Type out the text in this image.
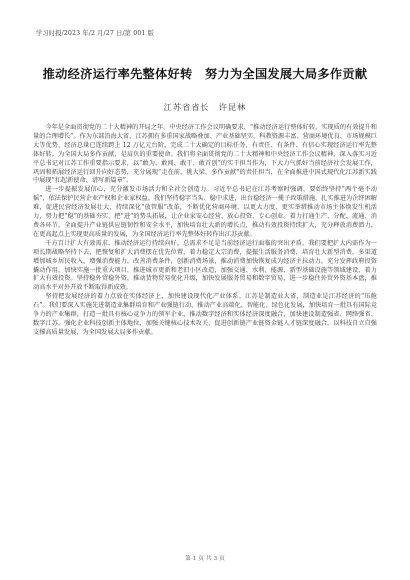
学习时报/2023 年/2 月/27 日/第 001 版
推动经济运行率先整体好转　努力为全国发展大局多作贡献
江苏省省长　许昆林

今年是全面贯彻党的二十大精神的开局之年。中央经济工作会议明确要求，“推动经济运行整体好转，实现质的有效提升和量的合理增长”。作为东部沿海大省，江苏拥有多重国家战略叠加、产业基础坚实、科教资源丰富、营商环境优良、市场规模巨大等优势，经济总量已连续跨上 12 万亿元台阶，完成二十大确定的目标任务，有责任、有条件、有信心实现经济运行率先整体好转。为全国大局多作贡献，是肩负的重要使命。我们将全面贯彻党的二十大精神和中央经济工作会议精神，深入落实习近平总书记对江苏工作重要指示要求，以“敢为、敢闯、敢干、敢首创”的实干担当作为，下大力气抓好当前经济社会发展工作，巩固和拓展经济运行回升向好态势，充分展现“走在前、挑大梁、多作贡献”的责任担当，在全面推进中国式现代化江苏新实践中展现“扛起新使命、谱写新篇章”。

进一步提振发展信心，充分激发市场活力和全社会创造力。习近平总书记在江苏考察时强调，要始终坚持“两个毫不动摇”，依法保护民营企业产权和企业家权益。我们坚持稳字当头、稳中求进，出台稳经济一揽子政策措施，扎实推进为企纾困解难，促进民营经济发展壮大，持续深化“放管服”改革，不断优化营商环境，以更大力度、更实举措推动市场主体焕发生机活力，努力把“稳”的基础夯实、把“进”的势头拓展，让企业家安心经营、放心投资、专心创业。着力打通生产、分配、流通、消费各环节，全面提升产业链供应链韧性和安全水平，加快培育壮大新的增长点，推动有效投资持续扩大，充分释放消费潜力，在更高起点上实现更高质量的发展，为全国经济运行率先整体好转作出江苏贡献。

千方百计扩大有效需求，推动经济运行持续向好。总需求不足是当前经济运行面临的突出矛盾。我们要把扩大内需作为一项长期战略坚持下去，把恢复和扩大消费摆在优先位置，着力稳定大宗消费，提振生活服务消费，培育壮大新型消费，多渠道增加城乡居民收入，增强消费能力，改善消费条件，创新消费场景，推动消费加快恢复成为经济主拉动力。充分发挥政府投资撬动作用，加快实施一批重大项目，推进城市更新和老旧小区改造，加强交通、水利、能源、新型基础设施等领域建设，着力扩大有效投资。坚持稳外贸稳外资，推动货物贸易优化升级，加快发展服务贸易和数字贸易，进一步稳住外贸外资基本盘，推动高水平对外开放不断取得新成效。

坚持把发展经济的着力点放在实体经济上，加快建设现代化产业体系。江苏是制造业大省，制造业是江苏经济的“压舱石”。我们要深入实施先进制造业集群培育和产业强链行动，推动产业高端化、智能化、绿色化发展，加快培育一批具有国际竞争力的产业集群，打造一批具有核心竞争力的领军企业，推动数字经济和实体经济深度融合，加快建设制造强省、网络强省、数字江苏。强化企业科技创新主体地位，加强关键核心技术攻关，促进创新链产业链资金链人才链深度融合，以科技自立自强支撑高质量发展，为全国发展大局多作贡献。

第 1 页 共 3 页
